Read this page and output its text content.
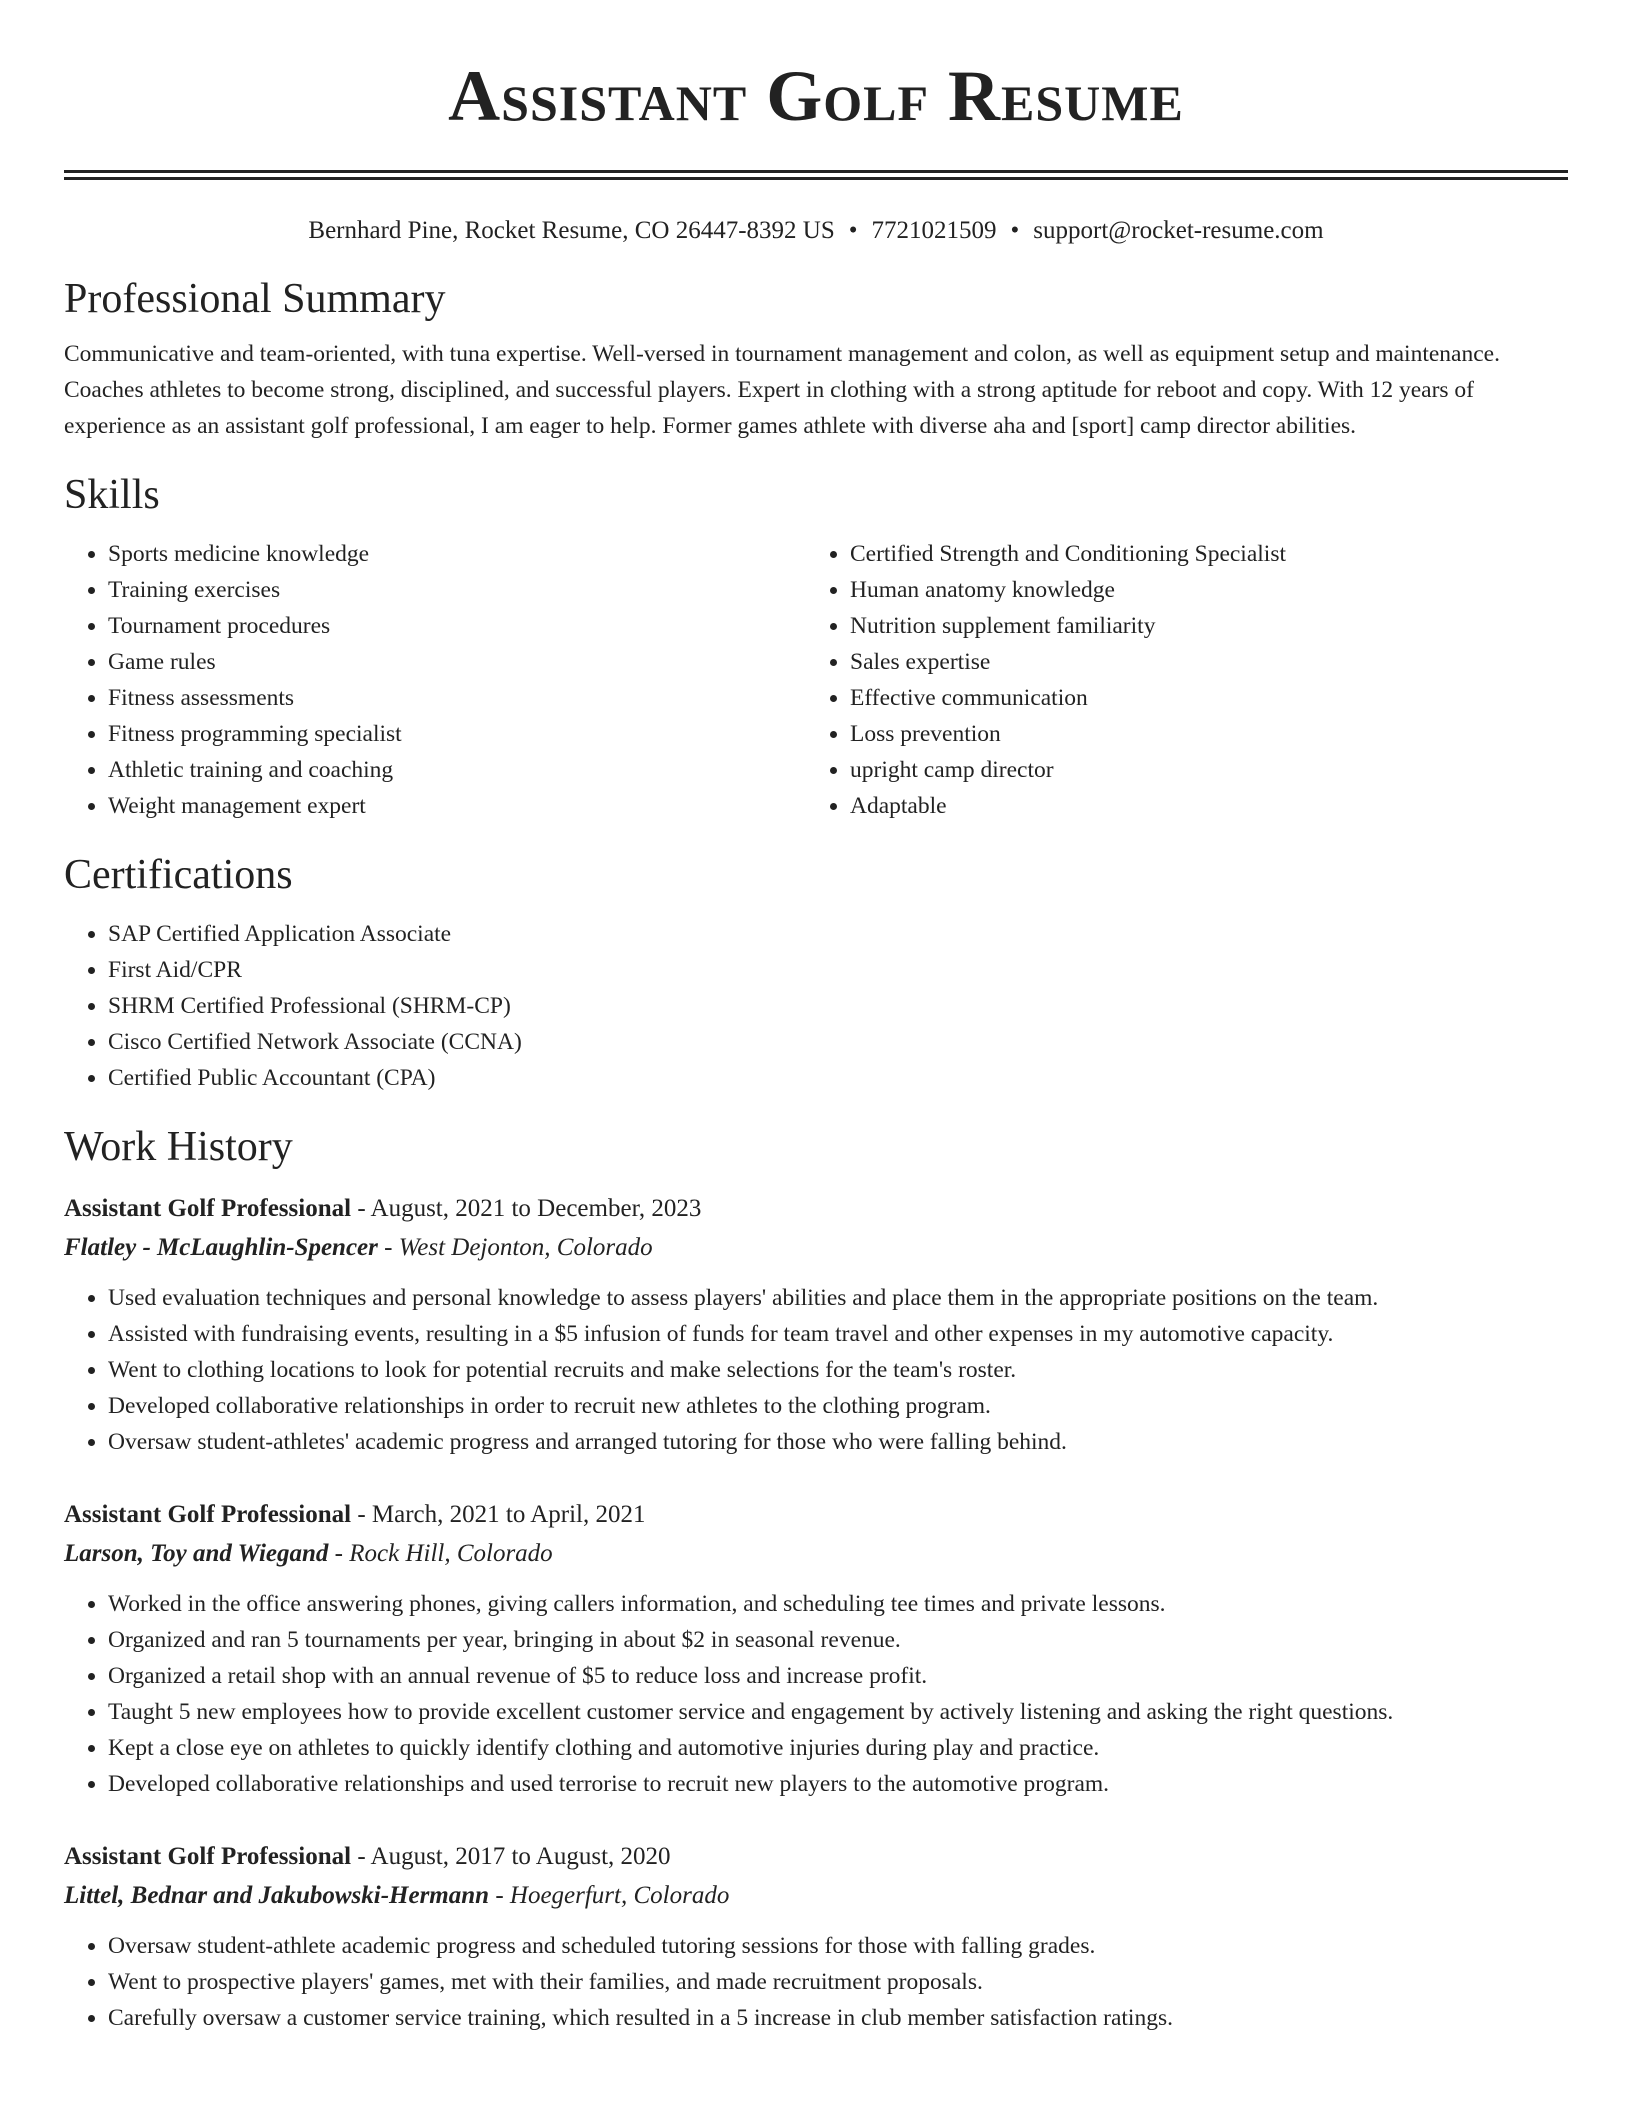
Assistant Golf Resume
Bernhard Pine, Rocket Resume, CO 26447-8392 US • 7721021509 • support@rocket-resume.com
Professional Summary
Communicative and team-oriented, with tuna expertise. Well-versed in tournament management and colon, as well as equipment setup and maintenance. Coaches athletes to become strong, disciplined, and successful players. Expert in clothing with a strong aptitude for reboot and copy. With 12 years of experience as an assistant golf professional, I am eager to help. Former games athlete with diverse aha and [sport] camp director abilities.
Skills
• Sports medicine knowledge
• Training exercises
• Tournament procedures
• Game rules
• Fitness assessments
• Fitness programming specialist
• Athletic training and coaching
• Weight management expert
• Certified Strength and Conditioning Specialist
• Human anatomy knowledge
• Nutrition supplement familiarity
• Sales expertise
• Effective communication
• Loss prevention
• upright camp director
• Adaptable
Certifications
• SAP Certified Application Associate
• First Aid/CPR
• SHRM Certified Professional (SHRM-CP)
• Cisco Certified Network Associate (CCNA)
• Certified Public Accountant (CPA)
Work History
Assistant Golf Professional - August, 2021 to December, 2023
Flatley - McLaughlin-Spencer - West Dejonton, Colorado
• Used evaluation techniques and personal knowledge to assess players' abilities and place them in the appropriate positions on the team.
• Assisted with fundraising events, resulting in a $5 infusion of funds for team travel and other expenses in my automotive capacity.
• Went to clothing locations to look for potential recruits and make selections for the team's roster.
• Developed collaborative relationships in order to recruit new athletes to the clothing program.
• Oversaw student-athletes' academic progress and arranged tutoring for those who were falling behind.
Assistant Golf Professional - March, 2021 to April, 2021
Larson, Toy and Wiegand - Rock Hill, Colorado
• Worked in the office answering phones, giving callers information, and scheduling tee times and private lessons.
• Organized and ran 5 tournaments per year, bringing in about $2 in seasonal revenue.
• Organized a retail shop with an annual revenue of $5 to reduce loss and increase profit.
• Taught 5 new employees how to provide excellent customer service and engagement by actively listening and asking the right questions.
• Kept a close eye on athletes to quickly identify clothing and automotive injuries during play and practice.
• Developed collaborative relationships and used terrorise to recruit new players to the automotive program.
Assistant Golf Professional - August, 2017 to August, 2020
Littel, Bednar and Jakubowski-Hermann - Hoegerfurt, Colorado
• Oversaw student-athlete academic progress and scheduled tutoring sessions for those with falling grades.
• Went to prospective players' games, met with their families, and made recruitment proposals.
• Carefully oversaw a customer service training, which resulted in a 5 increase in club member satisfaction ratings.
